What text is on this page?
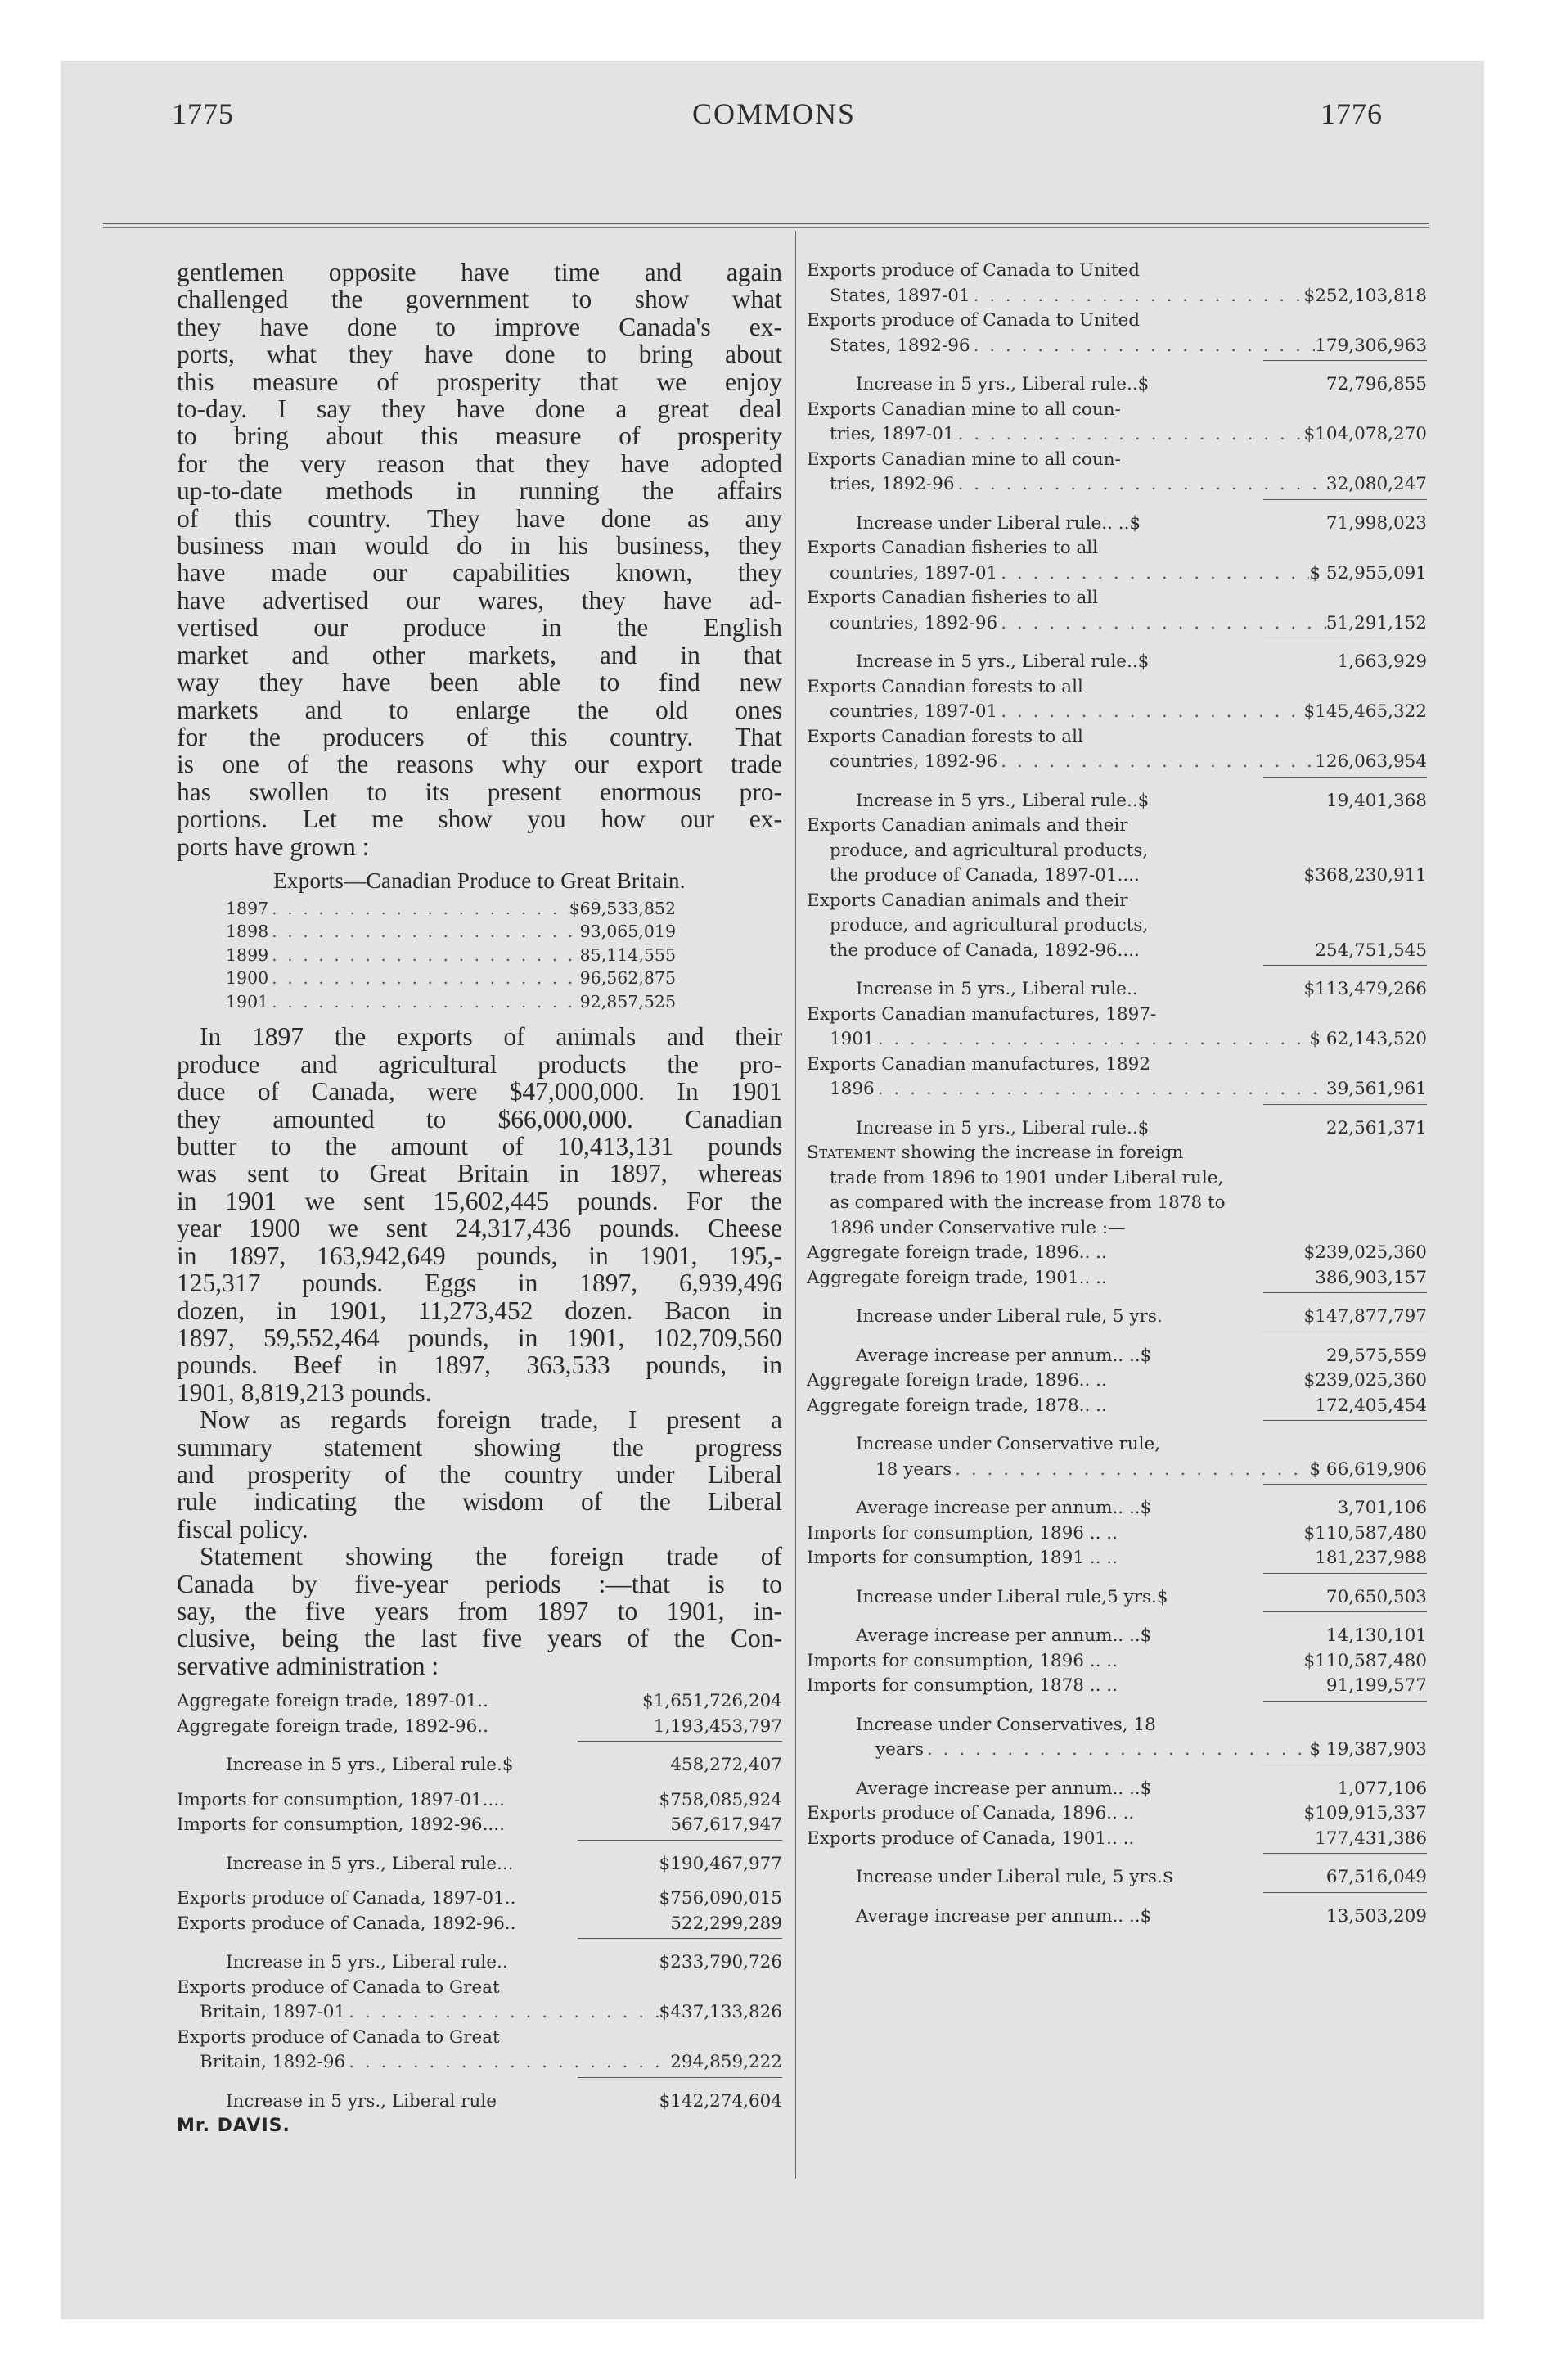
1775	COMMONS	1776
gentlemen opposite have time and again
challenged the government to show what
they have done to improve Canada's ex-
ports, what they have done to bring about
this measure of prosperity that we enjoy
to-day. I say they have done a great deal
to bring about this measure of prosperity
for the very reason that they have adopted
up-to-date methods in running the affairs
of this country. They have done as any
business man would do in his business, they
have made our capabilities known, they
have advertised our wares, they have ad-
vertised our produce in the English
market and other markets, and in that
way they have been able to find new
markets and to enlarge the old ones
for the producers of this country. That
is one of the reasons why our export trade
has swollen to its present enormous pro-
portions. Let me show you how our ex-
ports have grown :
Exports—Canadian Produce to Great Britain.
1897 . . .	$69,533,852
1898 . . .	93,065,019
1899 . . .	85,114,555
1900 . . .	96,562,875
1901 . . .	92,857,525
In 1897 the exports of animals and their
produce and agricultural products the pro-
duce of Canada, were $47,000,000. In 1901
they amounted to $66,000,000. Canadian
butter to the amount of 10,413,131 pounds
was sent to Great Britain in 1897, whereas
in 1901 we sent 15,602,445 pounds. For the
year 1900 we sent 24,317,436 pounds. Cheese
in 1897, 163,942,649 pounds, in 1901, 195,-
125,317 pounds. Eggs in 1897, 6,939,496
dozen, in 1901, 11,273,452 dozen. Bacon in
1897, 59,552,464 pounds, in 1901, 102,709,560
pounds. Beef in 1897, 363,533 pounds, in
1901, 8,819,213 pounds.
Now as regards foreign trade, I present a
summary statement showing the progress
and prosperity of the country under Liberal
rule indicating the wisdom of the Liberal
fiscal policy.
Statement showing the foreign trade of
Canada by five-year periods :—that is to
say, the five years from 1897 to 1901, in-
clusive, being the last five years of the Con-
servative administration :
Aggregate foreign trade, 1897-01..	$1,651,726,204
Aggregate foreign trade, 1892-96..	1,193,453,797
Increase in 5 yrs., Liberal rule.$	458,272,407
Imports for consumption, 1897-01....	$758,085,924
Imports for consumption, 1892-96....	567,617,947
Increase in 5 yrs., Liberal rule...	$190,467,977
Exports produce of Canada, 1897-01..	$756,090,015
Exports produce of Canada, 1892-96..	522,299,289
Increase in 5 yrs., Liberal rule..	$233,790,726
Exports produce of Canada to Great
Britain, 1897-01 . . .	$437,133,826
Exports produce of Canada to Great
Britain, 1892-96 . . .	294,859,222
Increase in 5 yrs., Liberal rule	$142,274,604
Mr. DAVIS.
Exports produce of Canada to United
States, 1897-01 . . .	$252,103,818
Exports produce of Canada to United
States, 1892-96 . . .	179,306,963
Increase in 5 yrs., Liberal rule..$	72,796,855
Exports Canadian mine to all coun-
tries, 1897-01 . . .	$104,078,270
Exports Canadian mine to all coun-
tries, 1892-96 . . .	32,080,247
Increase under Liberal rule.. ..$	71,998,023
Exports Canadian fisheries to all
countries, 1897-01 . . .	$ 52,955,091
Exports Canadian fisheries to all
countries, 1892-96 . . .	51,291,152
Increase in 5 yrs., Liberal rule..$	1,663,929
Exports Canadian forests to all
countries, 1897-01 . . .	$145,465,322
Exports Canadian forests to all
countries, 1892-96 . . .	126,063,954
Increase in 5 yrs., Liberal rule..$	19,401,368
Exports Canadian animals and their
produce, and agricultural products,
the produce of Canada, 1897-01....	$368,230,911
Exports Canadian animals and their
produce, and agricultural products,
the produce of Canada, 1892-96....	254,751,545
Increase in 5 yrs., Liberal rule..	$113,479,266
Exports Canadian manufactures, 1897-
1901 . . .	$ 62,143,520
Exports Canadian manufactures, 1892
1896 . . .	39,561,961
Increase in 5 yrs., Liberal rule..$	22,561,371
Statement showing the increase in foreign
trade from 1896 to 1901 under Liberal rule,
as compared with the increase from 1878 to
1896 under Conservative rule :—
Aggregate foreign trade, 1896.. ..	$239,025,360
Aggregate foreign trade, 1901.. ..	386,903,157
Increase under Liberal rule, 5 yrs.	$147,877,797
Average increase per annum.. ..$	29,575,559
Aggregate foreign trade, 1896.. ..	$239,025,360
Aggregate foreign trade, 1878.. ..	172,405,454
Increase under Conservative rule,
18 years . . .	$ 66,619,906
Average increase per annum.. ..$	3,701,106
Imports for consumption, 1896 .. ..	$110,587,480
Imports for consumption, 1891 .. ..	181,237,988
Increase under Liberal rule,5 yrs.$	70,650,503
Average increase per annum.. ..$	14,130,101
Imports for consumption, 1896 .. ..	$110,587,480
Imports for consumption, 1878 .. ..	91,199,577
Increase under Conservatives, 18
years . . .	$ 19,387,903
Average increase per annum.. ..$	1,077,106
Exports produce of Canada, 1896.. ..	$109,915,337
Exports produce of Canada, 1901.. ..	177,431,386
Increase under Liberal rule, 5 yrs.$	67,516,049
Average increase per annum.. ..$	13,503,209
